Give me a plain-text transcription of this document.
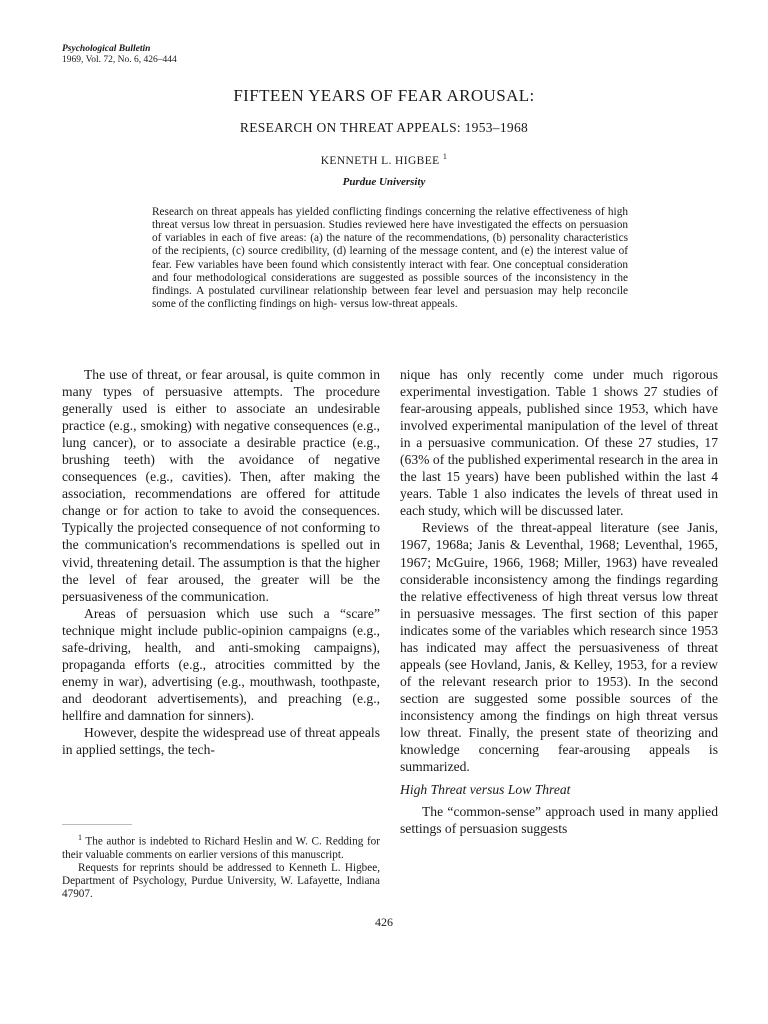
Psychological Bulletin
1969, Vol. 72, No. 6, 426–444
FIFTEEN YEARS OF FEAR AROUSAL:
RESEARCH ON THREAT APPEALS: 1953–1968
KENNETH L. HIGBEE $^1$
Purdue University

Research on threat appeals has yielded conflicting findings concerning the relative effectiveness of high threat versus low threat in persuasion. Studies reviewed here have investigated the effects on persuasion of variables in each of five areas: (a) the nature of the recommendations, (b) personality characteristics of the recipients, (c) source credibility, (d) learning of the message content, and (e) the interest value of fear. Few variables have been found which consistently interact with fear. One conceptual consideration and four methodological considerations are suggested as possible sources of the inconsistency in the findings. A postulated curvilinear relationship between fear level and persuasion may help reconcile some of the conflicting findings on high- versus low-threat appeals.

The use of threat, or fear arousal, is quite common in many types of persuasive attempts. The procedure generally used is either to associate an undesirable practice (e.g., smoking) with negative consequences (e.g., lung cancer), or to associate a desirable practice (e.g., brushing teeth) with the avoidance of negative consequences (e.g., cavities). Then, after making the association, recommendations are offered for attitude change or for action to take to avoid the consequences. Typically the projected consequence of not conforming to the communication's recommendations is spelled out in vivid, threatening detail. The assumption is that the higher the level of fear aroused, the greater will be the persuasiveness of the communication.

Areas of persuasion which use such a “scare” technique might include public-opinion campaigns (e.g., safe-driving, health, and anti-smoking campaigns), propaganda efforts (e.g., atrocities committed by the enemy in war), advertising (e.g., mouthwash, toothpaste, and deodorant advertisements), and preaching (e.g., hellfire and damnation for sinners).

However, despite the widespread use of threat appeals in applied settings, the tech-

$^1$ The author is indebted to Richard Heslin and W. C. Redding for their valuable comments on earlier versions of this manuscript.

Requests for reprints should be addressed to Kenneth L. Higbee, Department of Psychology, Purdue University, W. Lafayette, Indiana 47907.

nique has only recently come under much rigorous experimental investigation. Table 1 shows 27 studies of fear-arousing appeals, published since 1953, which have involved experimental manipulation of the level of threat in a persuasive communication. Of these 27 studies, 17 (63% of the published experimental research in the area in the last 15 years) have been published within the last 4 years. Table 1 also indicates the levels of threat used in each study, which will be discussed later.

Reviews of the threat-appeal literature (see Janis, 1967, 1968a; Janis & Leventhal, 1968; Leventhal, 1965, 1967; McGuire, 1966, 1968; Miller, 1963) have revealed considerable inconsistency among the findings regarding the relative effectiveness of high threat versus low threat in persuasive messages. The first section of this paper indicates some of the variables which research since 1953 has indicated may affect the persuasiveness of threat appeals (see Hovland, Janis, & Kelley, 1953, for a review of the relevant research prior to 1953). In the second section are suggested some possible sources of the inconsistency among the findings on high threat versus low threat. Finally, the present state of theorizing and knowledge concerning fear-arousing appeals is summarized.

High Threat versus Low Threat

The “common-sense” approach used in many applied settings of persuasion suggests

426
